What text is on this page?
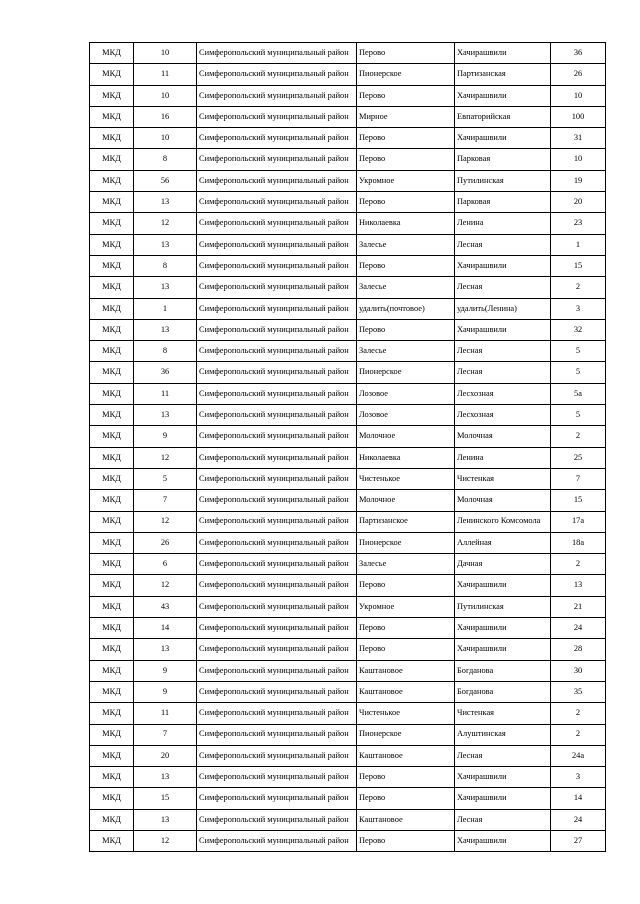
МКД	10	Симферопольский муниципальный район	Перово	Хачирашвили	36
МКД	11	Симферопольский муниципальный район	Пионерское	Партизанская	26
МКД	10	Симферопольский муниципальный район	Перово	Хачирашвили	10
МКД	16	Симферопольский муниципальный район	Мирное	Евпаторийская	100
МКД	10	Симферопольский муниципальный район	Перово	Хачирашвили	31
МКД	8	Симферопольский муниципальный район	Перово	Парковая	10
МКД	56	Симферопольский муниципальный район	Укромное	Путилинская	19
МКД	13	Симферопольский муниципальный район	Перово	Парковая	20
МКД	12	Симферопольский муниципальный район	Николаевка	Ленина	23
МКД	13	Симферопольский муниципальный район	Залесье	Лесная	1
МКД	8	Симферопольский муниципальный район	Перово	Хачирашвили	15
МКД	13	Симферопольский муниципальный район	Залесье	Лесная	2
МКД	1	Симферопольский муниципальный район	удалить(почтовое)	удалить(Ленина)	3
МКД	13	Симферопольский муниципальный район	Перово	Хачирашвили	32
МКД	8	Симферопольский муниципальный район	Залесье	Лесная	5
МКД	36	Симферопольский муниципальный район	Пионерское	Лесная	5
МКД	11	Симферопольский муниципальный район	Лозовое	Лесхозная	5а
МКД	13	Симферопольский муниципальный район	Лозовое	Лесхозная	5
МКД	9	Симферопольский муниципальный район	Молочное	Молочная	2
МКД	12	Симферопольский муниципальный район	Николаевка	Ленина	25
МКД	5	Симферопольский муниципальный район	Чистенькое	Чистенкая	7
МКД	7	Симферопольский муниципальный район	Молочное	Молочная	15
МКД	12	Симферопольский муниципальный район	Партизанское	Ленинского Комсомола	17а
МКД	26	Симферопольский муниципальный район	Пионерское	Аллейная	18а
МКД	6	Симферопольский муниципальный район	Залесье	Дачная	2
МКД	12	Симферопольский муниципальный район	Перово	Хачирашвили	13
МКД	43	Симферопольский муниципальный район	Укромное	Путилинская	21
МКД	14	Симферопольский муниципальный район	Перово	Хачирашвили	24
МКД	13	Симферопольский муниципальный район	Перово	Хачирашвили	28
МКД	9	Симферопольский муниципальный район	Каштановое	Богданова	30
МКД	9	Симферопольский муниципальный район	Каштановое	Богданова	35
МКД	11	Симферопольский муниципальный район	Чистенькое	Чистенкая	2
МКД	7	Симферопольский муниципальный район	Пионерское	Алуштинская	2
МКД	20	Симферопольский муниципальный район	Каштановое	Лесная	24а
МКД	13	Симферопольский муниципальный район	Перово	Хачирашвили	3
МКД	15	Симферопольский муниципальный район	Перово	Хачирашвили	14
МКД	13	Симферопольский муниципальный район	Каштановое	Лесная	24
МКД	12	Симферопольский муниципальный район	Перово	Хачирашвили	27
